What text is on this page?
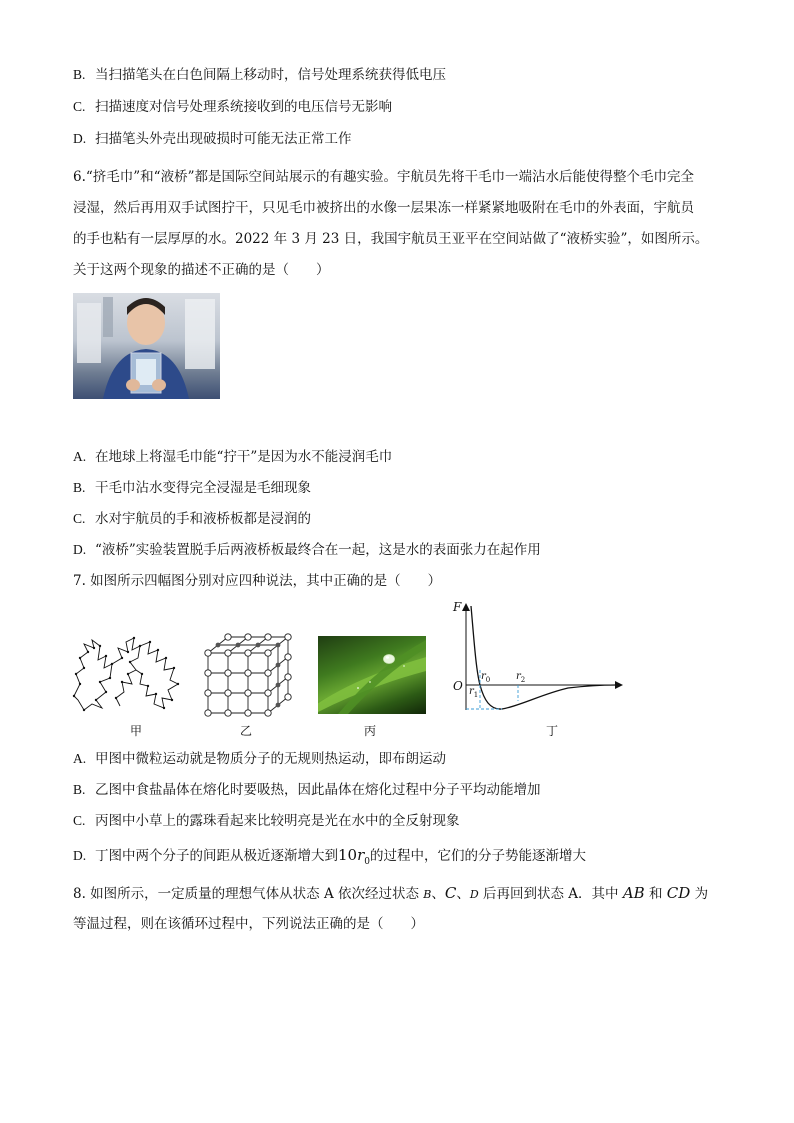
B. 当扫描笔头在白色间隔上移动时，信号处理系统获得低电压
C. 扫描速度对信号处理系统接收到的电压信号无影响
D. 扫描笔头外壳出现破损时可能无法正常工作
6.“挤毛巾”和“液桥”都是国际空间站展示的有趣实验。宇航员先将干毛巾一端沾水后能使得整个毛巾完全
浸湿，然后再用双手试图拧干，只见毛巾被挤出的水像一层果冻一样紧紧地吸附在毛巾的外表面，宇航员
的手也粘有一层厚厚的水。2022 年 3 月 23 日，我国宇航员王亚平在空间站做了“液桥实验”，如图所示。
关于这两个现象的描述不正确的是（　　）
A. 在地球上将湿毛巾能“拧干”是因为水不能浸润毛巾
B. 干毛巾沾水变得完全浸湿是毛细现象
C. 水对宇航员的手和液桥板都是浸润的
D. “液桥”实验装置脱手后两液桥板最终合在一起，这是水的表面张力在起作用
7. 如图所示四幅图分别对应四种说法，其中正确的是（　　）
甲	乙	丙
F
O
$r_0$
$r_1$
$r_2$
丁
A. 甲图中微粒运动就是物质分子的无规则热运动，即布朗运动
B. 乙图中食盐晶体在熔化时要吸热，因此晶体在熔化过程中分子平均动能增加
C. 丙图中小草上的露珠看起来比较明亮是光在水中的全反射现象
D. 丁图中两个分子的间距从极近逐渐增大到$10r_0$的过程中，它们的分子势能逐渐增大
8. 如图所示，一定质量的理想气体从状态 A 依次经过状态 B、C、D 后再回到状态 A．其中 AB 和 CD 为
等温过程，则在该循环过程中，下列说法正确的是（　　）
